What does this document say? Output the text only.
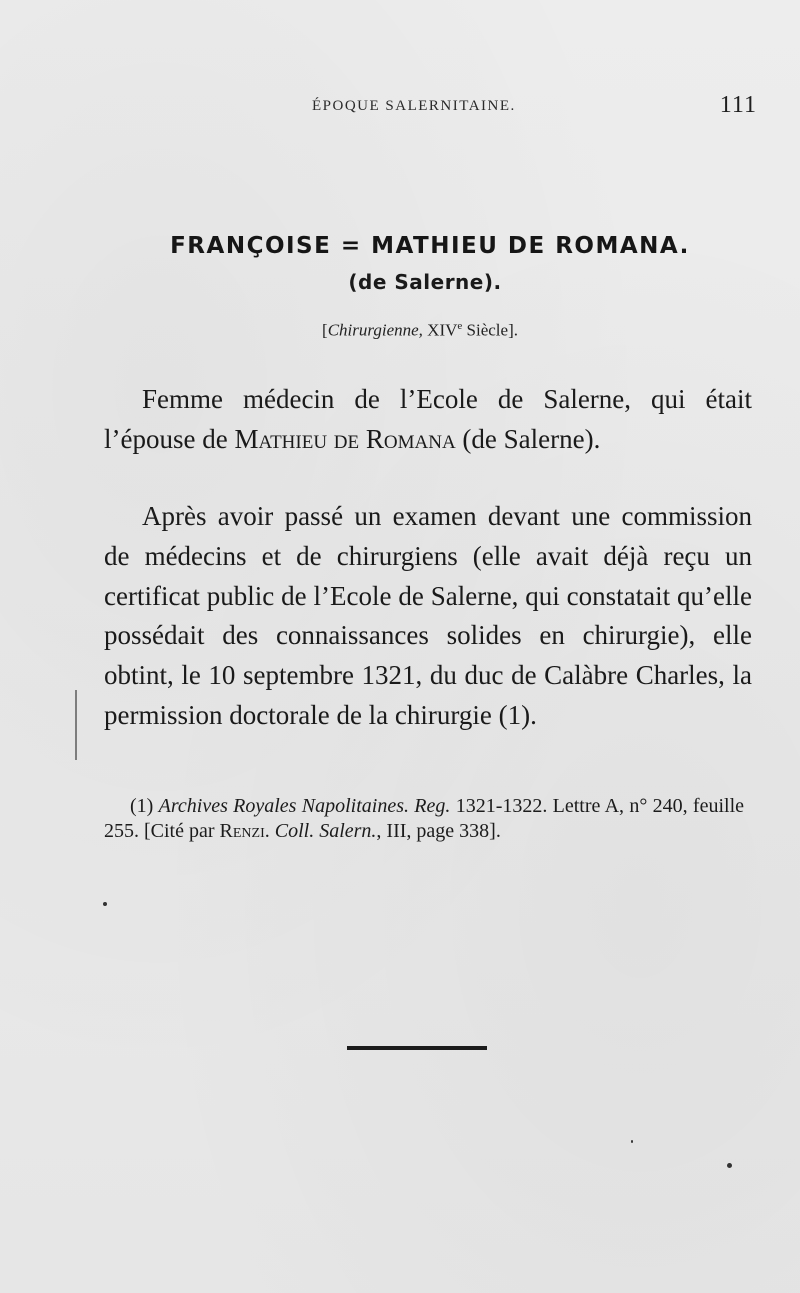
ÉPOQUE SALERNITAINE.	111
FRANÇOISE = MATHIEU DE ROMANA.
(de Salerne).
[Chirurgienne, XIVe Siècle].
Femme médecin de l’Ecole de Salerne, qui était l’épouse de Mathieu de Romana (de Salerne).
Après avoir passé un examen devant une commission de médecins et de chirurgiens (elle avait déjà reçu un certificat public de l’Ecole de Salerne, qui constatait qu’elle possédait des connaissances solides en chirurgie), elle obtint, le 10 septembre 1321, du duc de Calàbre Charles, la permission doctorale de la chirurgie (1).
(1) Archives Royales Napolitaines. Reg. 1321-1322. Lettre A, n° 240, feuille 255. [Cité par Renzi. Coll. Salern., III, page 338].
